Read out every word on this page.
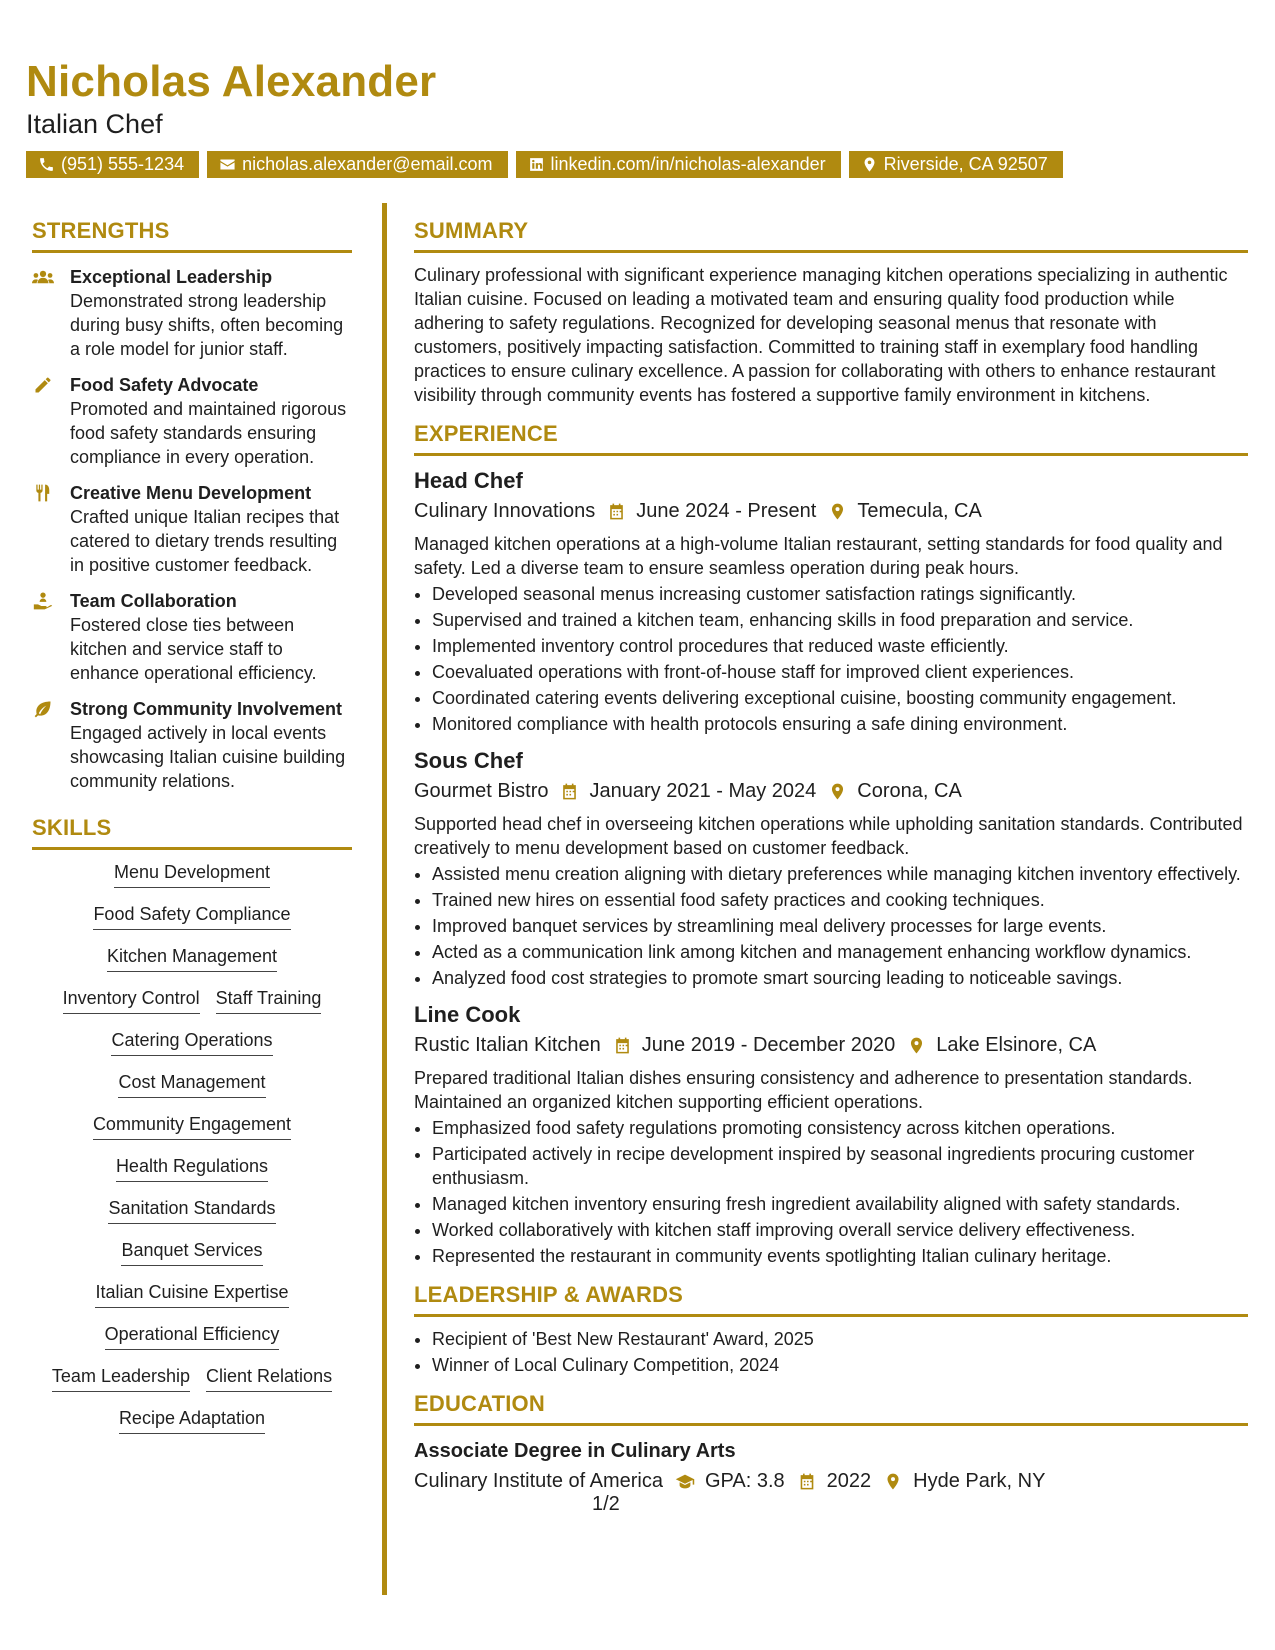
Nicholas Alexander
Italian Chef
(951) 555-1234	nicholas.alexander@email.com	linkedin.com/in/nicholas-alexander	Riverside, CA 92507
STRENGTHS
Exceptional Leadership
Demonstrated strong leadership during busy shifts, often becoming a role model for junior staff.
Food Safety Advocate
Promoted and maintained rigorous food safety standards ensuring compliance in every operation.
Creative Menu Development
Crafted unique Italian recipes that catered to dietary trends resulting in positive customer feedback.
Team Collaboration
Fostered close ties between kitchen and service staff to enhance operational efficiency.
Strong Community Involvement
Engaged actively in local events showcasing Italian cuisine building community relations.
SKILLS
Menu Development
Food Safety Compliance
Kitchen Management
Inventory Control Staff Training
Catering Operations
Cost Management
Community Engagement
Health Regulations
Sanitation Standards
Banquet Services
Italian Cuisine Expertise
Operational Efficiency
Team Leadership Client Relations
Recipe Adaptation
SUMMARY

Culinary professional with significant experience managing kitchen operations specializing in authentic Italian cuisine. Focused on leading a motivated team and ensuring quality food production while adhering to safety regulations. Recognized for developing seasonal menus that resonate with customers, positively impacting satisfaction. Committed to training staff in exemplary food handling practices to ensure culinary excellence. A passion for collaborating with others to enhance restaurant visibility through community events has fostered a supportive family environment in kitchens.

EXPERIENCE
Head Chef
Culinary Innovations June 2024 - Present Temecula, CA
Managed kitchen operations at a high-volume Italian restaurant, setting standards for food quality and safety. Led a diverse team to ensure seamless operation during peak hours.
• Developed seasonal menus increasing customer satisfaction ratings significantly.
• Supervised and trained a kitchen team, enhancing skills in food preparation and service.
• Implemented inventory control procedures that reduced waste efficiently.
• Coevaluated operations with front-of-house staff for improved client experiences.
• Coordinated catering events delivering exceptional cuisine, boosting community engagement.
• Monitored compliance with health protocols ensuring a safe dining environment.
Sous Chef
Gourmet Bistro January 2021 - May 2024 Corona, CA
Supported head chef in overseeing kitchen operations while upholding sanitation standards. Contributed creatively to menu development based on customer feedback.
• Assisted menu creation aligning with dietary preferences while managing kitchen inventory effectively.
• Trained new hires on essential food safety practices and cooking techniques.
• Improved banquet services by streamlining meal delivery processes for large events.
• Acted as a communication link among kitchen and management enhancing workflow dynamics.
• Analyzed food cost strategies to promote smart sourcing leading to noticeable savings.
Line Cook
Rustic Italian Kitchen June 2019 - December 2020 Lake Elsinore, CA
Prepared traditional Italian dishes ensuring consistency and adherence to presentation standards. Maintained an organized kitchen supporting efficient operations.
• Emphasized food safety regulations promoting consistency across kitchen operations.
• Participated actively in recipe development inspired by seasonal ingredients procuring customer enthusiasm.
• Managed kitchen inventory ensuring fresh ingredient availability aligned with safety standards.
• Worked collaboratively with kitchen staff improving overall service delivery effectiveness.
• Represented the restaurant in community events spotlighting Italian culinary heritage.
LEADERSHIP & AWARDS
• Recipient of 'Best New Restaurant' Award, 2025
• Winner of Local Culinary Competition, 2024
EDUCATION
Associate Degree in Culinary Arts
Culinary Institute of America GPA: 3.8 2022 Hyde Park, NY
1/2
